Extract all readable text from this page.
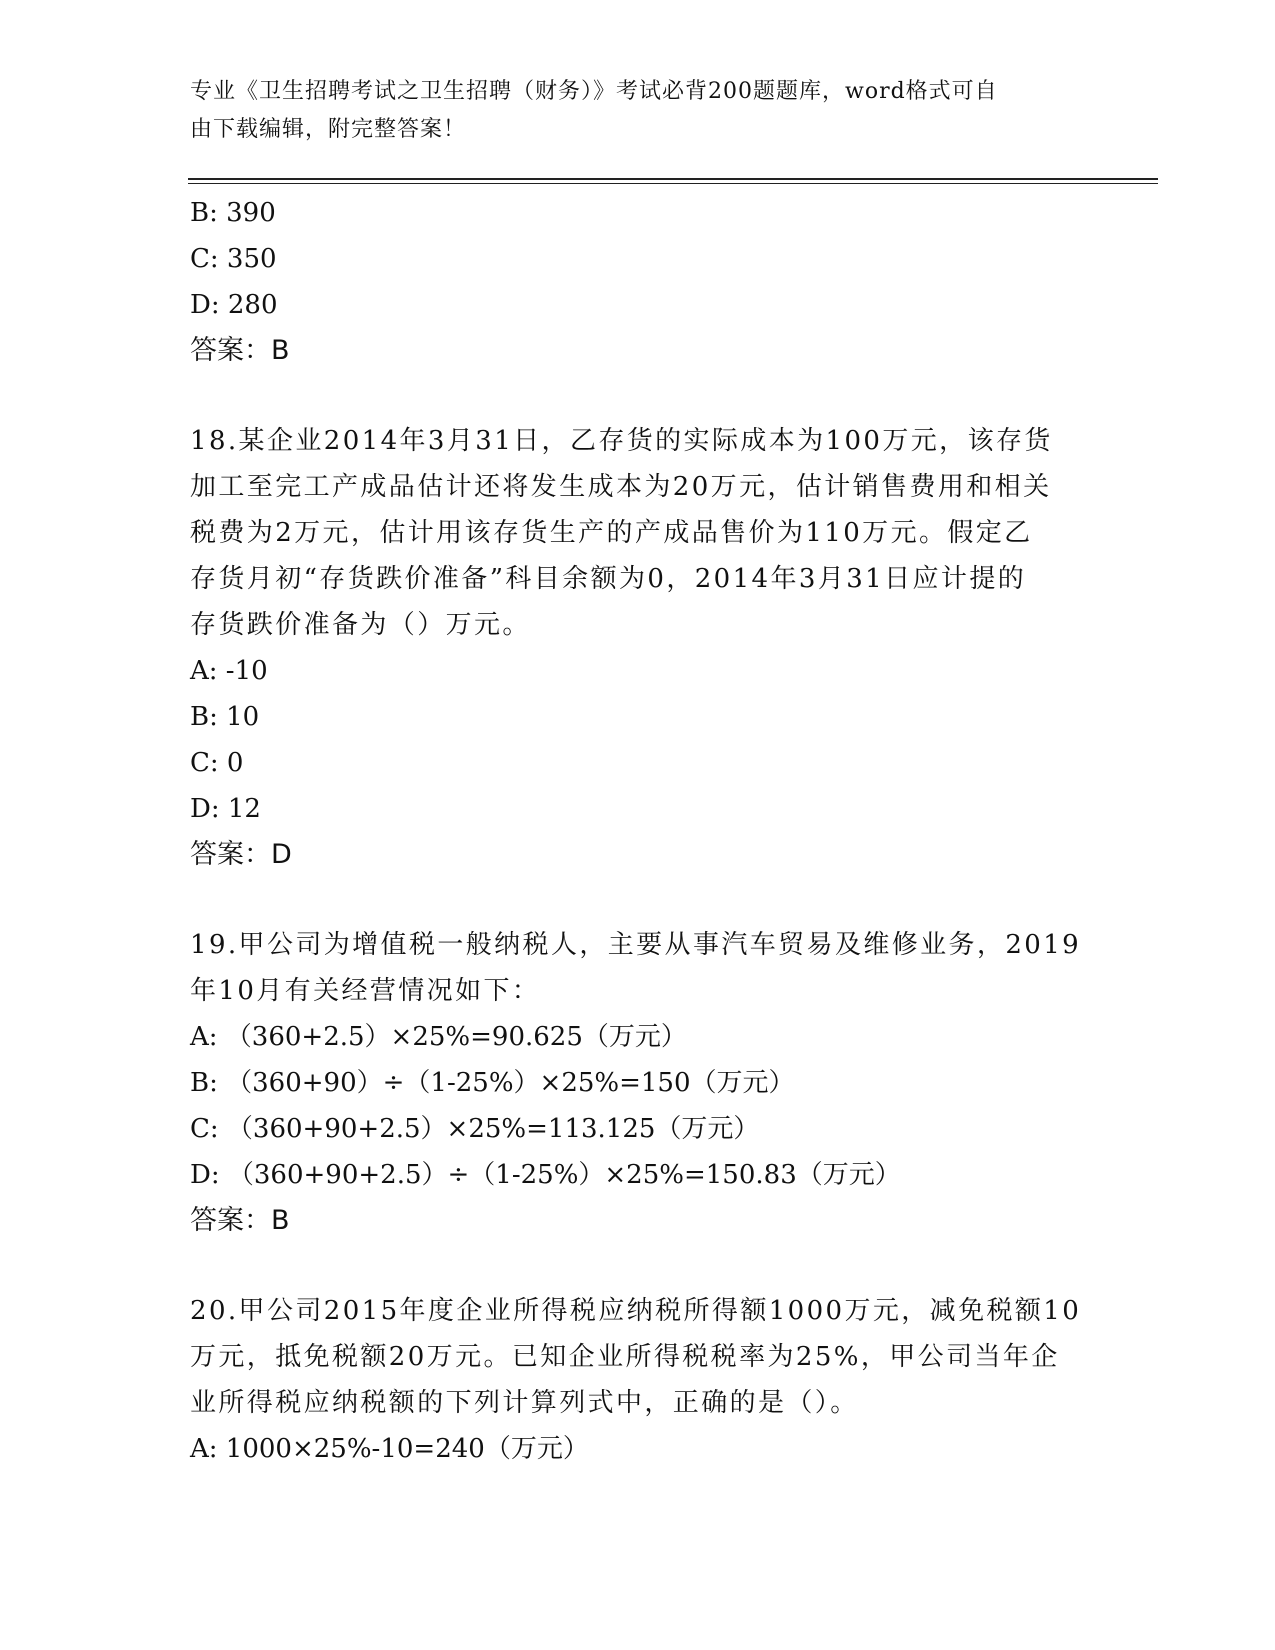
专业《卫生招聘考试之卫生招聘（财务）》考试必背200题题库，word格式可自
由下载编辑，附完整答案！
B: 390
C: 350
D: 280
答案：B
18.某企业2014年3月31日，乙存货的实际成本为100万元，该存货
加工至完工产成品估计还将发生成本为20万元，估计销售费用和相关
税费为2万元，估计用该存货生产的产成品售价为110万元。假定乙
存货月初“存货跌价准备”科目余额为0，2014年3月31日应计提的
存货跌价准备为（）万元。
A: -10
B: 10
C: 0
D: 12
答案：D
19.甲公司为增值税一般纳税人，主要从事汽车贸易及维修业务，2019
年10月有关经营情况如下：
A: （360+2.5）×25%=90.625（万元）
B: （360+90）÷（1-25%）×25%=150（万元）
C: （360+90+2.5）×25%=113.125（万元）
D: （360+90+2.5）÷（1-25%）×25%=150.83（万元）
答案：B
20.甲公司2015年度企业所得税应纳税所得额1000万元，减免税额10
万元，抵免税额20万元。已知企业所得税税率为25%，甲公司当年企
业所得税应纳税额的下列计算列式中，正确的是（）。
A: 1000×25%-10=240（万元）
